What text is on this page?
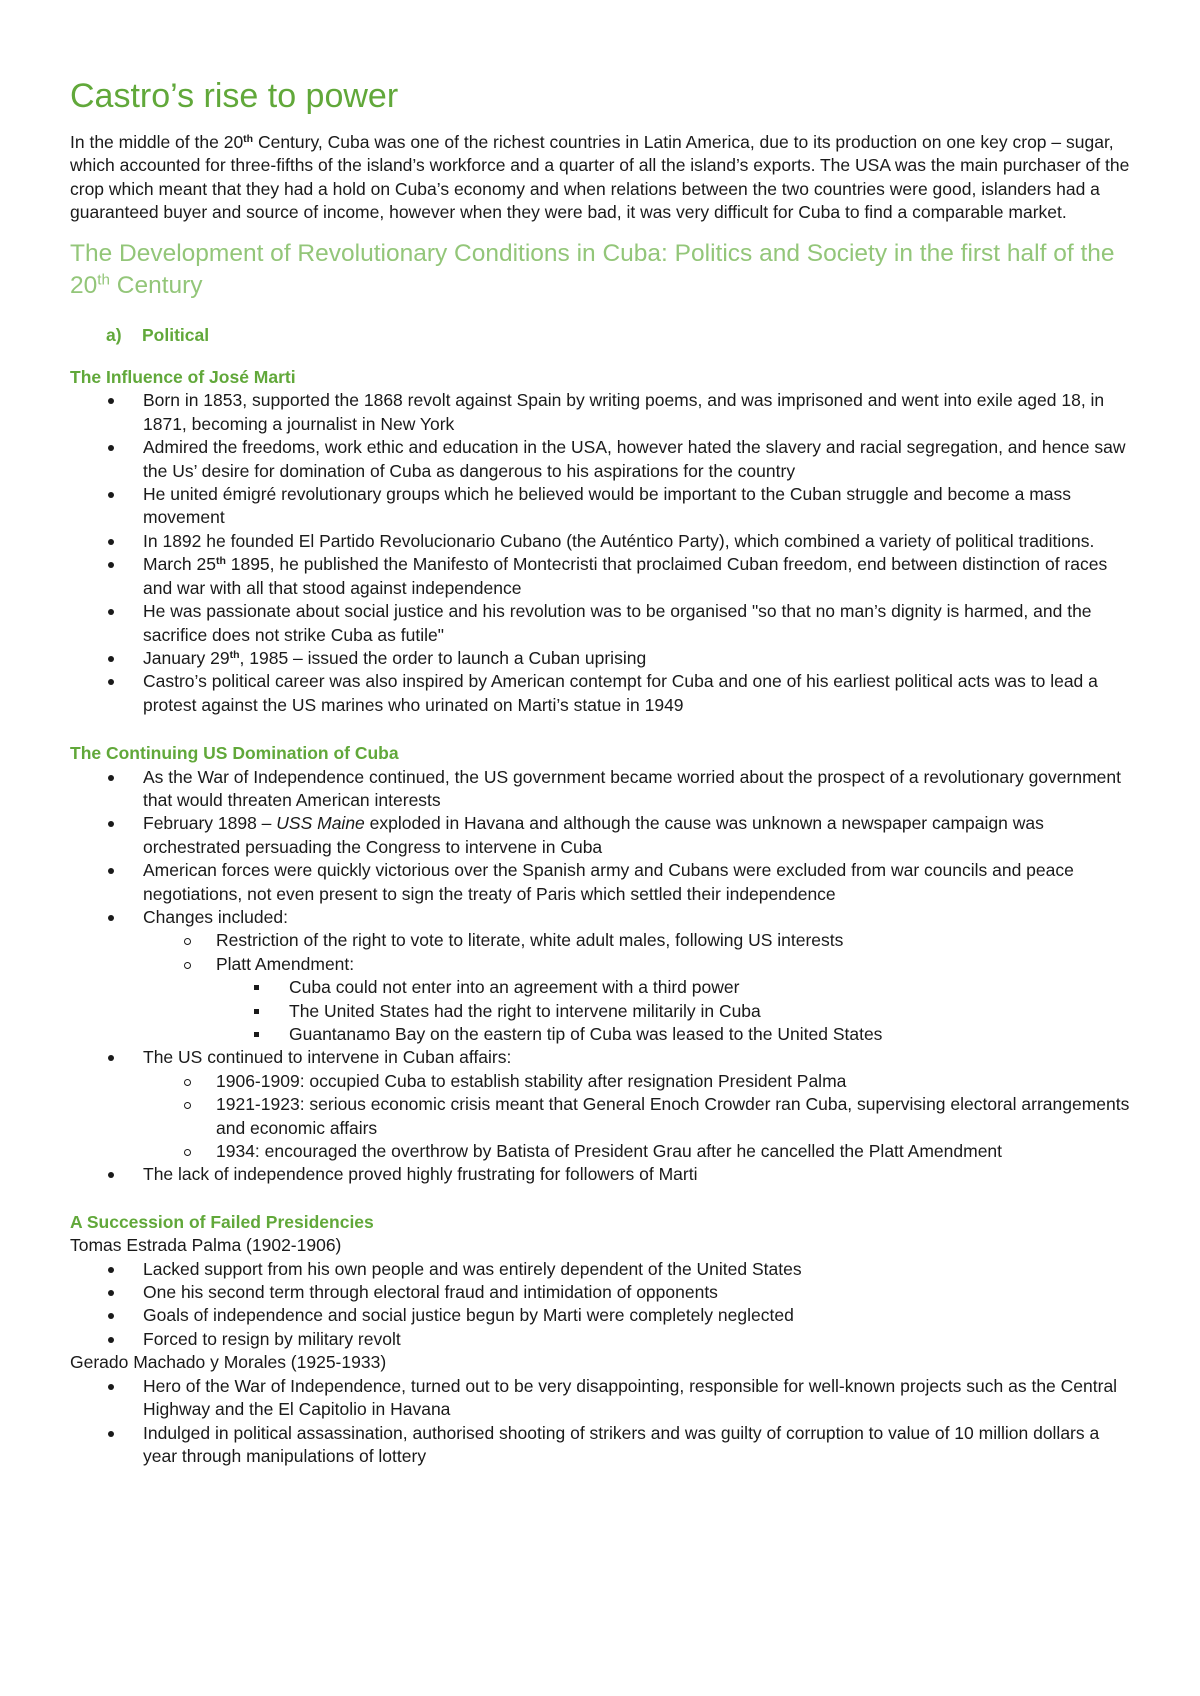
Castro’s rise to power

In the middle of the 20th Century, Cuba was one of the richest countries in Latin America, due to its production on one key crop – sugar, which accounted for three-fifths of the island’s workforce and a quarter of all the island’s exports. The USA was the main purchaser of the crop which meant that they had a hold on Cuba’s economy and when relations between the two countries were good, islanders had a guaranteed buyer and source of income, however when they were bad, it was very difficult for Cuba to find a comparable market.

The Development of Revolutionary Conditions in Cuba: Politics and Society in the first half of the 20th Century
a) Political
The Influence of José Marti
Born in 1853, supported the 1868 revolt against Spain by writing poems, and was imprisoned and went into exile aged 18, in 1871, becoming a journalist in New York
Admired the freedoms, work ethic and education in the USA, however hated the slavery and racial segregation, and hence saw the Us’ desire for domination of Cuba as dangerous to his aspirations for the country
He united émigré revolutionary groups which he believed would be important to the Cuban struggle and become a mass movement
In 1892 he founded El Partido Revolucionario Cubano (the Auténtico Party), which combined a variety of political traditions.
March 25th 1895, he published the Manifesto of Montecristi that proclaimed Cuban freedom, end between distinction of races and war with all that stood against independence
He was passionate about social justice and his revolution was to be organised "so that no man’s dignity is harmed, and the sacrifice does not strike Cuba as futile"
January 29th, 1985 – issued the order to launch a Cuban uprising
Castro’s political career was also inspired by American contempt for Cuba and one of his earliest political acts was to lead a protest against the US marines who urinated on Marti’s statue in 1949
The Continuing US Domination of Cuba
As the War of Independence continued, the US government became worried about the prospect of a revolutionary government that would threaten American interests
February 1898 – USS Maine exploded in Havana and although the cause was unknown a newspaper campaign was orchestrated persuading the Congress to intervene in Cuba
American forces were quickly victorious over the Spanish army and Cubans were excluded from war councils and peace negotiations, not even present to sign the treaty of Paris which settled their independence
Changes included:
Restriction of the right to vote to literate, white adult males, following US interests
Platt Amendment:
Cuba could not enter into an agreement with a third power
The United States had the right to intervene militarily in Cuba
Guantanamo Bay on the eastern tip of Cuba was leased to the United States
The US continued to intervene in Cuban affairs:
1906-1909: occupied Cuba to establish stability after resignation President Palma
1921-1923: serious economic crisis meant that General Enoch Crowder ran Cuba, supervising electoral arrangements and economic affairs
1934: encouraged the overthrow by Batista of President Grau after he cancelled the Platt Amendment
The lack of independence proved highly frustrating for followers of Marti
A Succession of Failed Presidencies

Tomas Estrada Palma (1902-1906)

Lacked support from his own people and was entirely dependent of the United States
One his second term through electoral fraud and intimidation of opponents
Goals of independence and social justice begun by Marti were completely neglected
Forced to resign by military revolt

Gerado Machado y Morales (1925-1933)

Hero of the War of Independence, turned out to be very disappointing, responsible for well-known projects such as the Central Highway and the El Capitolio in Havana
Indulged in political assassination, authorised shooting of strikers and was guilty of corruption to value of 10 million dollars a year through manipulations of lottery
